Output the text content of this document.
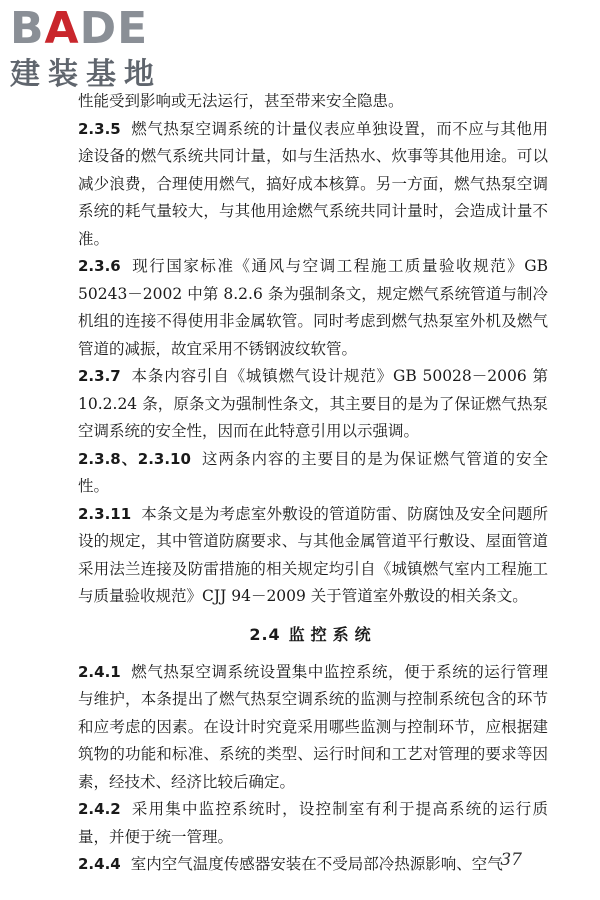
BADE
建装基地

性能受到影响或无法运行，甚至带来安全隐患。

2.3.5 燃气热泵空调系统的计量仪表应单独设置，而不应与其他用途设备的燃气系统共同计量，如与生活热水、炊事等其他用途。可以减少浪费，合理使用燃气，搞好成本核算。另一方面，燃气热泵空调系统的耗气量较大，与其他用途燃气系统共同计量时，会造成计量不准。

2.3.6 现行国家标准《通风与空调工程施工质量验收规范》GB 50243－2002 中第 8.2.6 条为强制条文，规定燃气系统管道与制冷机组的连接不得使用非金属软管。同时考虑到燃气热泵室外机及燃气管道的减振，故宜采用不锈钢波纹软管。

2.3.7 本条内容引自《城镇燃气设计规范》GB 50028－2006 第 10.2.24 条，原条文为强制性条文，其主要目的是为了保证燃气热泵空调系统的安全性，因而在此特意引用以示强调。

2.3.8、2.3.10 这两条内容的主要目的是为保证燃气管道的安全性。

2.3.11 本条文是为考虑室外敷设的管道防雷、防腐蚀及安全问题所设的规定，其中管道防腐要求、与其他金属管道平行敷设、屋面管道采用法兰连接及防雷措施的相关规定均引自《城镇燃气室内工程施工与质量验收规范》CJJ 94－2009 关于管道室外敷设的相关条文。

2.4 监控系统

2.4.1 燃气热泵空调系统设置集中监控系统，便于系统的运行管理与维护，本条提出了燃气热泵空调系统的监测与控制系统包含的环节和应考虑的因素。在设计时究竟采用哪些监测与控制环节，应根据建筑物的功能和标准、系统的类型、运行时间和工艺对管理的要求等因素，经技术、经济比较后确定。

2.4.2 采用集中监控系统时，设控制室有利于提高系统的运行质量，并便于统一管理。

2.4.4 室内空气温度传感器安装在不受局部冷热源影响、空气

37
